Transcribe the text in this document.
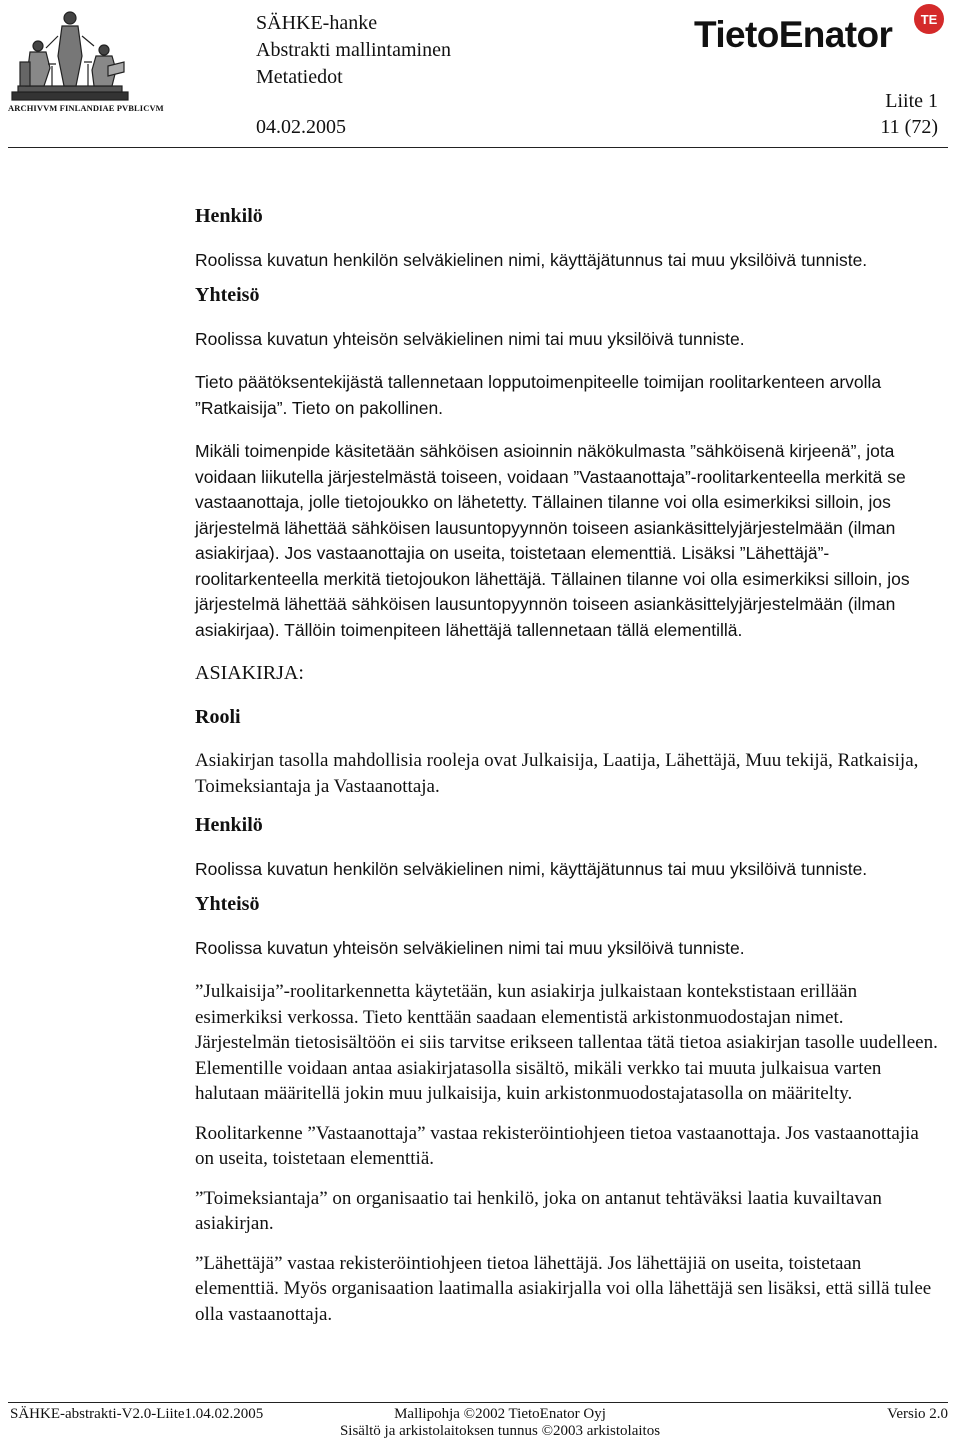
ARCHIVVM FINLANDIAE PVBLICVM
SÄHKE-hanke
Abstrakti mallintaminen
Metatiedot
04.02.2005
TietoEnator	TE
Liite 1
11 (72)

Henkilö

Roolissa kuvatun henkilön selväkielinen nimi, käyttäjätunnus tai muu yksilöivä tunniste.

Yhteisö

Roolissa kuvatun yhteisön selväkielinen nimi tai muu yksilöivä tunniste.

Tieto päätöksentekijästä tallennetaan lopputoimenpiteelle toimijan roolitarkenteen arvolla ”Ratkaisija”. Tieto on pakollinen.

Mikäli toimenpide käsitetään sähköisen asioinnin näkökulmasta ”sähköisenä kirjeenä”, jota voidaan liikutella järjestelmästä toiseen, voidaan ”Vastaanottaja”-roolitarkenteella merkitä se vastaanottaja, jolle tietojoukko on lähetetty. Tällainen tilanne voi olla esimerkiksi silloin, jos järjestelmä lähettää sähköisen lausuntopyynnön toiseen asiankäsittelyjärjestelmään (ilman asiakirjaa). Jos vastaanottajia on useita, toistetaan elementtiä. Lisäksi ”Lähettäjä”-roolitarkenteella merkitä tietojoukon lähettäjä. Tällainen tilanne voi olla esimerkiksi silloin, jos järjestelmä lähettää sähköisen lausuntopyynnön toiseen asiankäsittelyjärjestelmään (ilman asiakirjaa). Tällöin toimenpiteen lähettäjä tallennetaan tällä elementillä.

ASIAKIRJA:

Rooli

Asiakirjan tasolla mahdollisia rooleja ovat Julkaisija, Laatija, Lähettäjä, Muu tekijä, Ratkaisija, Toimeksiantaja ja Vastaanottaja.

Henkilö

Roolissa kuvatun henkilön selväkielinen nimi, käyttäjätunnus tai muu yksilöivä tunniste.

Yhteisö

Roolissa kuvatun yhteisön selväkielinen nimi tai muu yksilöivä tunniste.

”Julkaisija”-roolitarkennetta käytetään, kun asiakirja julkaistaan kontekstistaan erillään esimerkiksi verkossa. Tieto kenttään saadaan elementistä arkistonmuodostajan nimet. Järjestelmän tietosisältöön ei siis tarvitse erikseen tallentaa tätä tietoa asiakirjan tasolle uudelleen. Elementille voidaan antaa asiakirjatasolla sisältö, mikäli verkko tai muuta julkaisua varten halutaan määritellä jokin muu julkaisija, kuin arkistonmuodostajatasolla on määritelty.

Roolitarkenne ”Vastaanottaja” vastaa rekisteröintiohjeen tietoa vastaanottaja. Jos vastaanottajia on useita, toistetaan elementtiä.

”Toimeksiantaja” on organisaatio tai henkilö, joka on antanut tehtäväksi laatia kuvailtavan asiakirjan.

”Lähettäjä” vastaa rekisteröintiohjeen tietoa lähettäjä. Jos lähettäjiä on useita, toistetaan elementtiä. Myös organisaation laatimalla asiakirjalla voi olla lähettäjä sen lisäksi, että sillä tulee olla vastaanottaja.

SÄHKE-abstrakti-V2.0-Liite1.04.02.2005	Mallipohja ©2002 TietoEnator Oyj
Sisältö ja arkistolaitoksen tunnus ©2003 arkistolaitos
Versio 2.0
